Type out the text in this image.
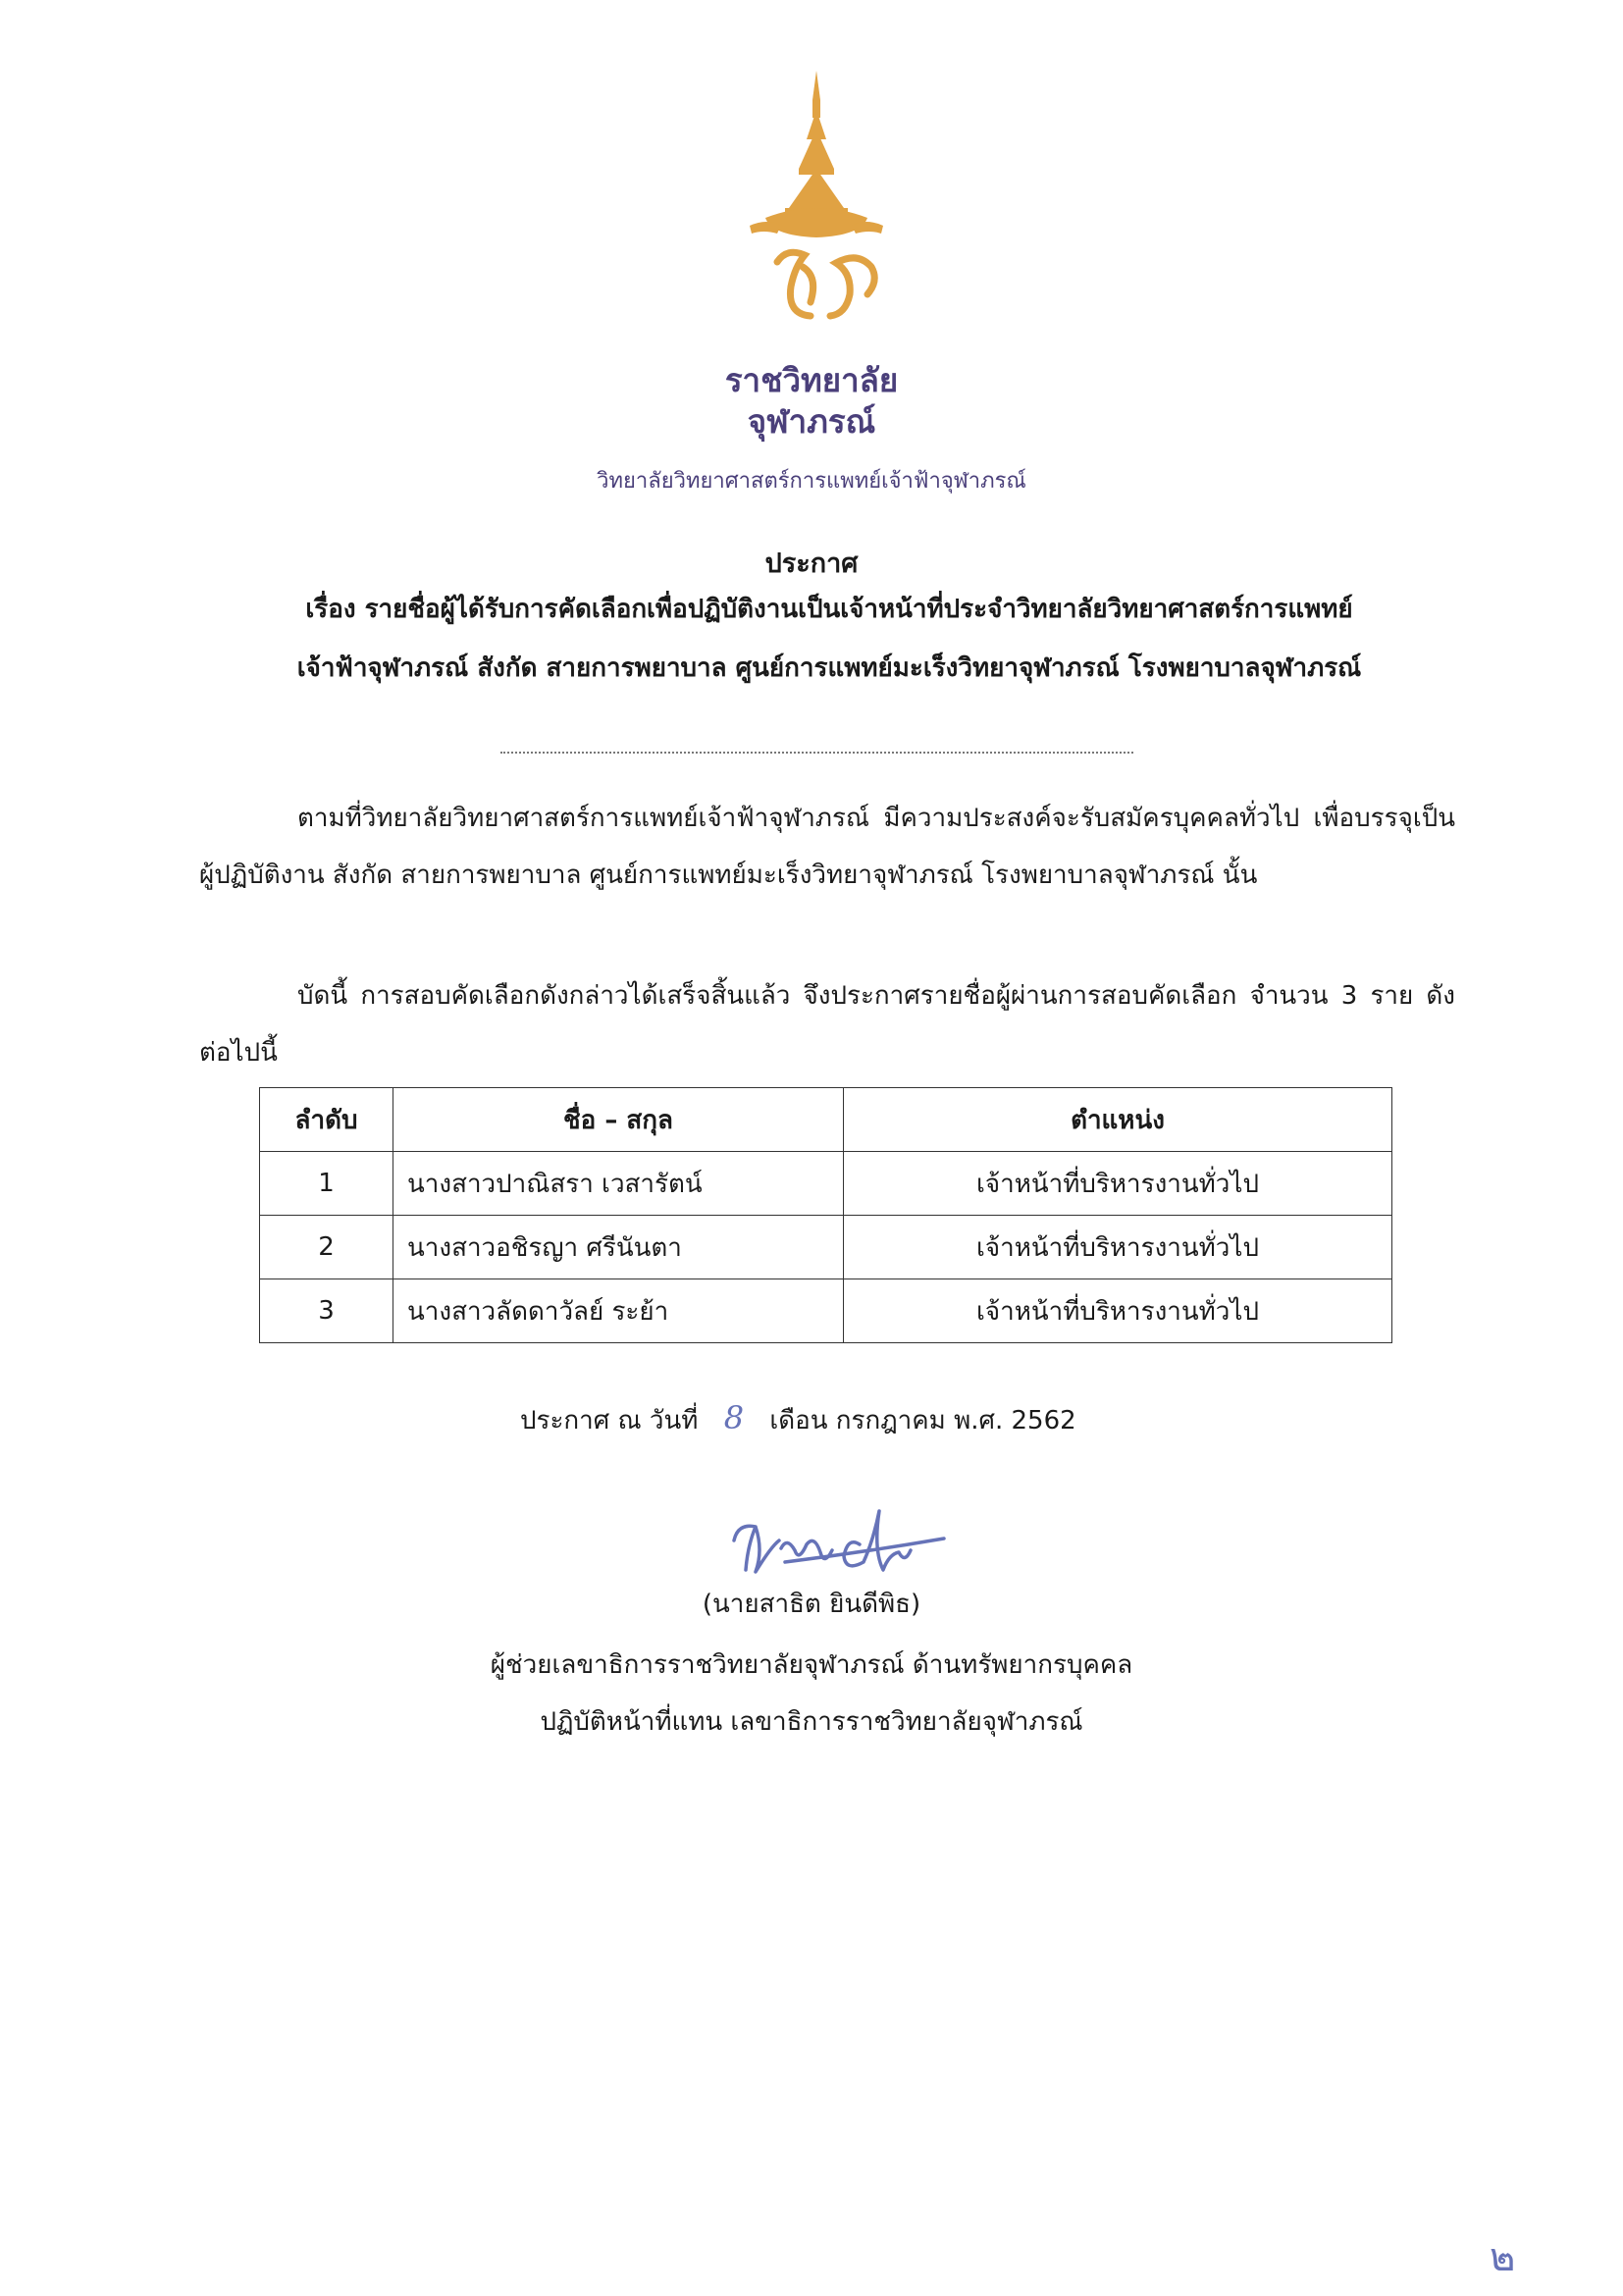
ราชวิทยาลัย
จุฬาภรณ์
วิทยาลัยวิทยาศาสตร์การแพทย์เจ้าฟ้าจุฬาภรณ์
ประกาศ
เรื่อง รายชื่อผู้ได้รับการคัดเลือกเพื่อปฏิบัติงานเป็นเจ้าหน้าที่ประจำวิทยาลัยวิทยาศาสตร์การแพทย์
เจ้าฟ้าจุฬาภรณ์ สังกัด สายการพยาบาล ศูนย์การแพทย์มะเร็งวิทยาจุฬาภรณ์ โรงพยาบาลจุฬาภรณ์
ตามที่วิทยาลัยวิทยาศาสตร์การแพทย์เจ้าฟ้าจุฬาภรณ์ มีความประสงค์จะรับสมัครบุคคลทั่วไป เพื่อบรรจุเป็นผู้ปฏิบัติงาน สังกัด สายการพยาบาล ศูนย์การแพทย์มะเร็งวิทยาจุฬาภรณ์ โรงพยาบาลจุฬาภรณ์ นั้น
บัดนี้ การสอบคัดเลือกดังกล่าวได้เสร็จสิ้นแล้ว จึงประกาศรายชื่อผู้ผ่านการสอบคัดเลือก จำนวน 3 ราย ดังต่อไปนี้
ลำดับ	ชื่อ – สกุล	ตำแหน่ง
1	นางสาวปาณิสรา เวสารัตน์	เจ้าหน้าที่บริหารงานทั่วไป
2	นางสาวอชิรญา ศรีนันตา	เจ้าหน้าที่บริหารงานทั่วไป
3	นางสาวลัดดาวัลย์ ระย้า	เจ้าหน้าที่บริหารงานทั่วไป
ประกาศ ณ วันที่ 8 เดือน กรกฎาคม พ.ศ. 2562
(นายสาธิต ยินดีพิธ)
ผู้ช่วยเลขาธิการราชวิทยาลัยจุฬาภรณ์ ด้านทรัพยากรบุคคล
ปฏิบัติหน้าที่แทน เลขาธิการราชวิทยาลัยจุฬาภรณ์
๒
